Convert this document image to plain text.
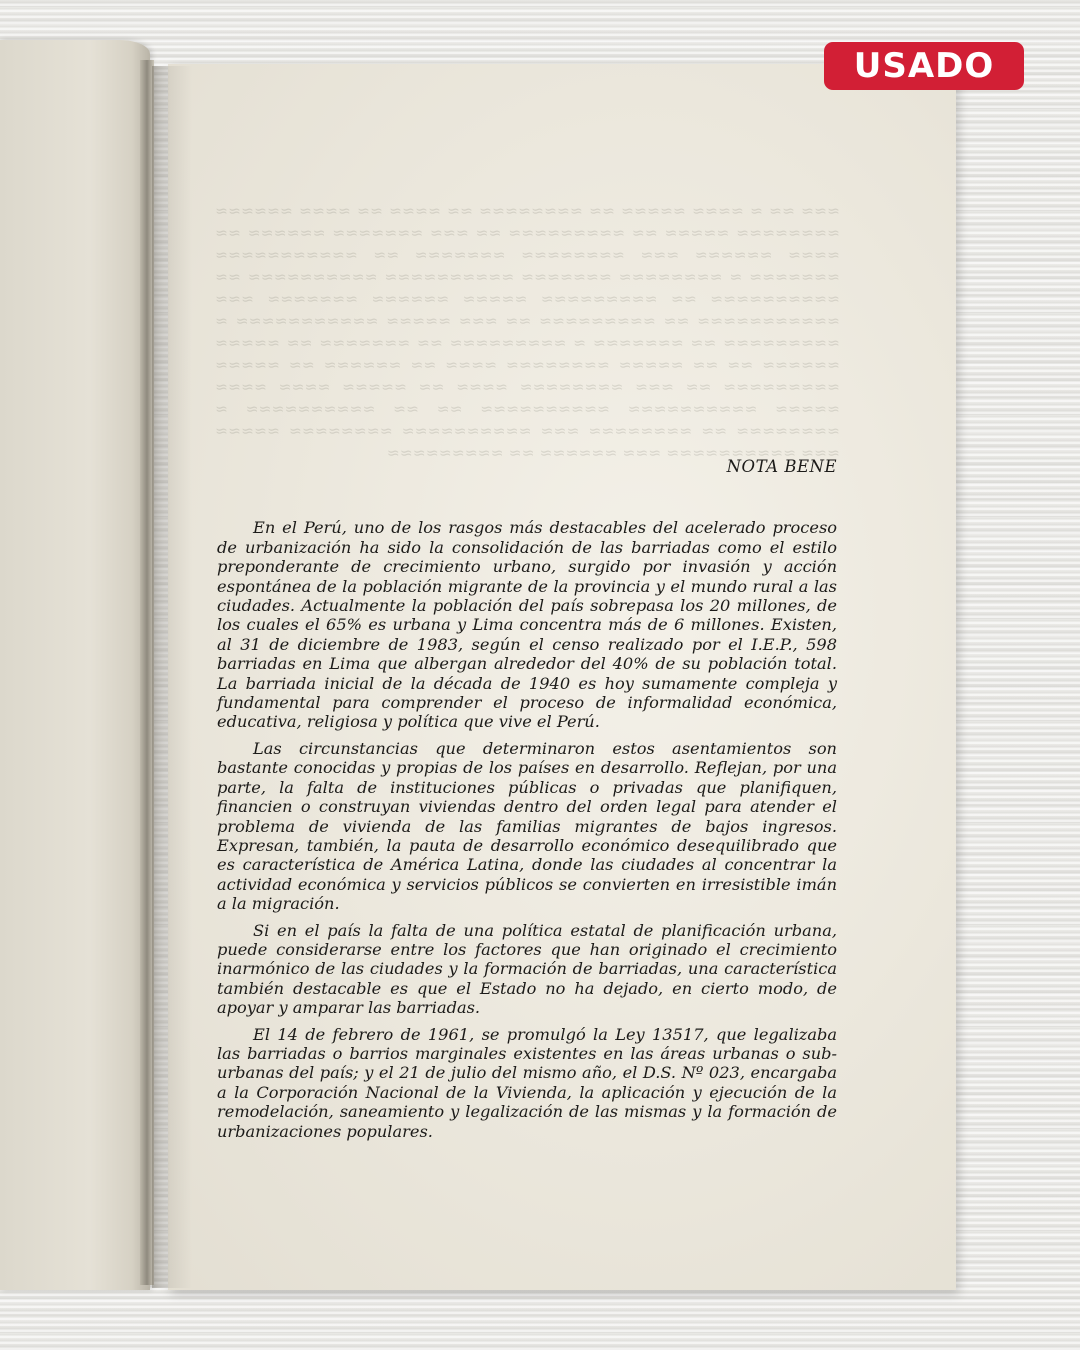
≈≈≈ ≈≈ ≈ ≈≈≈≈ ≈≈≈≈≈ ≈≈ ≈≈≈≈≈≈≈≈ ≈≈ ≈≈≈≈ ≈≈ ≈≈≈≈ ≈≈≈≈≈≈ ≈≈≈≈≈≈≈≈ ≈≈≈≈≈ ≈≈ ≈≈≈≈≈≈≈≈≈ ≈≈ ≈≈≈ ≈≈≈≈≈≈≈ ≈≈≈≈≈≈ ≈≈ ≈≈≈≈ ≈≈≈≈≈≈ ≈≈≈ ≈≈≈≈≈≈≈≈ ≈≈≈≈≈≈≈ ≈≈ ≈≈≈≈≈≈≈≈≈≈≈ ≈≈≈≈≈≈≈ ≈ ≈≈≈≈≈≈≈≈ ≈≈≈≈≈≈≈ ≈≈≈≈≈≈≈≈≈≈ ≈≈≈≈≈≈≈≈≈≈ ≈≈ ≈≈≈≈≈≈≈≈≈≈ ≈≈ ≈≈≈≈≈≈≈≈≈ ≈≈≈≈≈ ≈≈≈≈≈≈ ≈≈≈≈≈≈≈ ≈≈≈ ≈≈≈≈≈≈≈≈≈≈≈ ≈≈ ≈≈≈≈≈≈≈≈≈ ≈≈ ≈≈≈ ≈≈≈≈≈ ≈≈≈≈≈≈≈≈≈≈≈ ≈ ≈≈≈≈≈≈≈≈≈ ≈≈ ≈≈≈≈≈≈≈ ≈ ≈≈≈≈≈≈≈≈≈ ≈≈ ≈≈≈≈≈≈≈ ≈≈ ≈≈≈≈≈ ≈≈≈≈≈≈ ≈≈ ≈≈ ≈≈≈≈≈ ≈≈≈≈≈≈≈≈ ≈≈≈≈ ≈≈ ≈≈≈≈≈≈ ≈≈ ≈≈≈≈≈ ≈≈≈≈≈≈≈≈≈ ≈≈ ≈≈≈ ≈≈≈≈≈≈≈≈ ≈≈≈≈ ≈≈ ≈≈≈≈≈ ≈≈≈≈ ≈≈≈≈ ≈≈≈≈≈ ≈≈≈≈≈≈≈≈≈≈ ≈≈≈≈≈≈≈≈≈≈ ≈≈ ≈≈ ≈≈≈≈≈≈≈≈≈≈ ≈ ≈≈≈≈≈≈≈≈ ≈≈ ≈≈≈≈≈≈≈≈ ≈≈≈ ≈≈≈≈≈≈≈≈≈≈ ≈≈≈≈≈≈≈≈ ≈≈≈≈≈ ≈≈≈ ≈≈≈≈≈≈≈≈≈≈ ≈≈≈ ≈≈≈≈≈≈ ≈≈ ≈≈≈≈≈≈≈≈≈
USADO
NOTA BENE

En el Perú, uno de los rasgos más destacables del acelerado proceso de urbanización ha sido la consolidación de las barriadas como el estilo preponderante de crecimiento urbano, surgido por invasión y acción espontánea de la población migrante de la provincia y el mundo rural a las ciudades. Actualmente la población del país sobrepasa los 20 millones, de los cuales el 65% es urbana y Lima concentra más de 6 millones. Existen, al 31 de diciembre de 1983, según el censo realizado por el I.E.P., 598 barriadas en Lima que albergan alrededor del 40% de su población total. La barriada inicial de la década de 1940 es hoy sumamente compleja y fundamental para comprender el proceso de informalidad económica, educativa, religiosa y política que vive el Perú.

Las circunstancias que determinaron estos asentamientos son bastante conocidas y propias de los países en desarrollo. Reflejan, por una parte, la falta de instituciones públicas o privadas que planifiquen, financien o construyan viviendas dentro del orden legal para atender el problema de vivienda de las familias migrantes de bajos ingresos. Expresan, también, la pauta de desarrollo económico desequilibrado que es característica de América Latina, donde las ciudades al concentrar la actividad económica y servicios públicos se convierten en irresistible imán a la migración.

Si en el país la falta de una política estatal de planificación urbana, puede considerarse entre los factores que han originado el crecimiento inarmónico de las ciudades y la formación de barriadas, una característica también destacable es que el Estado no ha dejado, en cierto modo, de apoyar y amparar las barriadas.

El 14 de febrero de 1961, se promulgó la Ley 13517, que legalizaba las barriadas o barrios marginales existentes en las áreas urbanas o sub-urbanas del país; y el 21 de julio del mismo año, el D.S. Nº 023, encargaba a la Corporación Nacional de la Vivienda, la aplicación y ejecución de la remodelación, saneamiento y legalización de las mismas y la formación de urbanizaciones populares.
